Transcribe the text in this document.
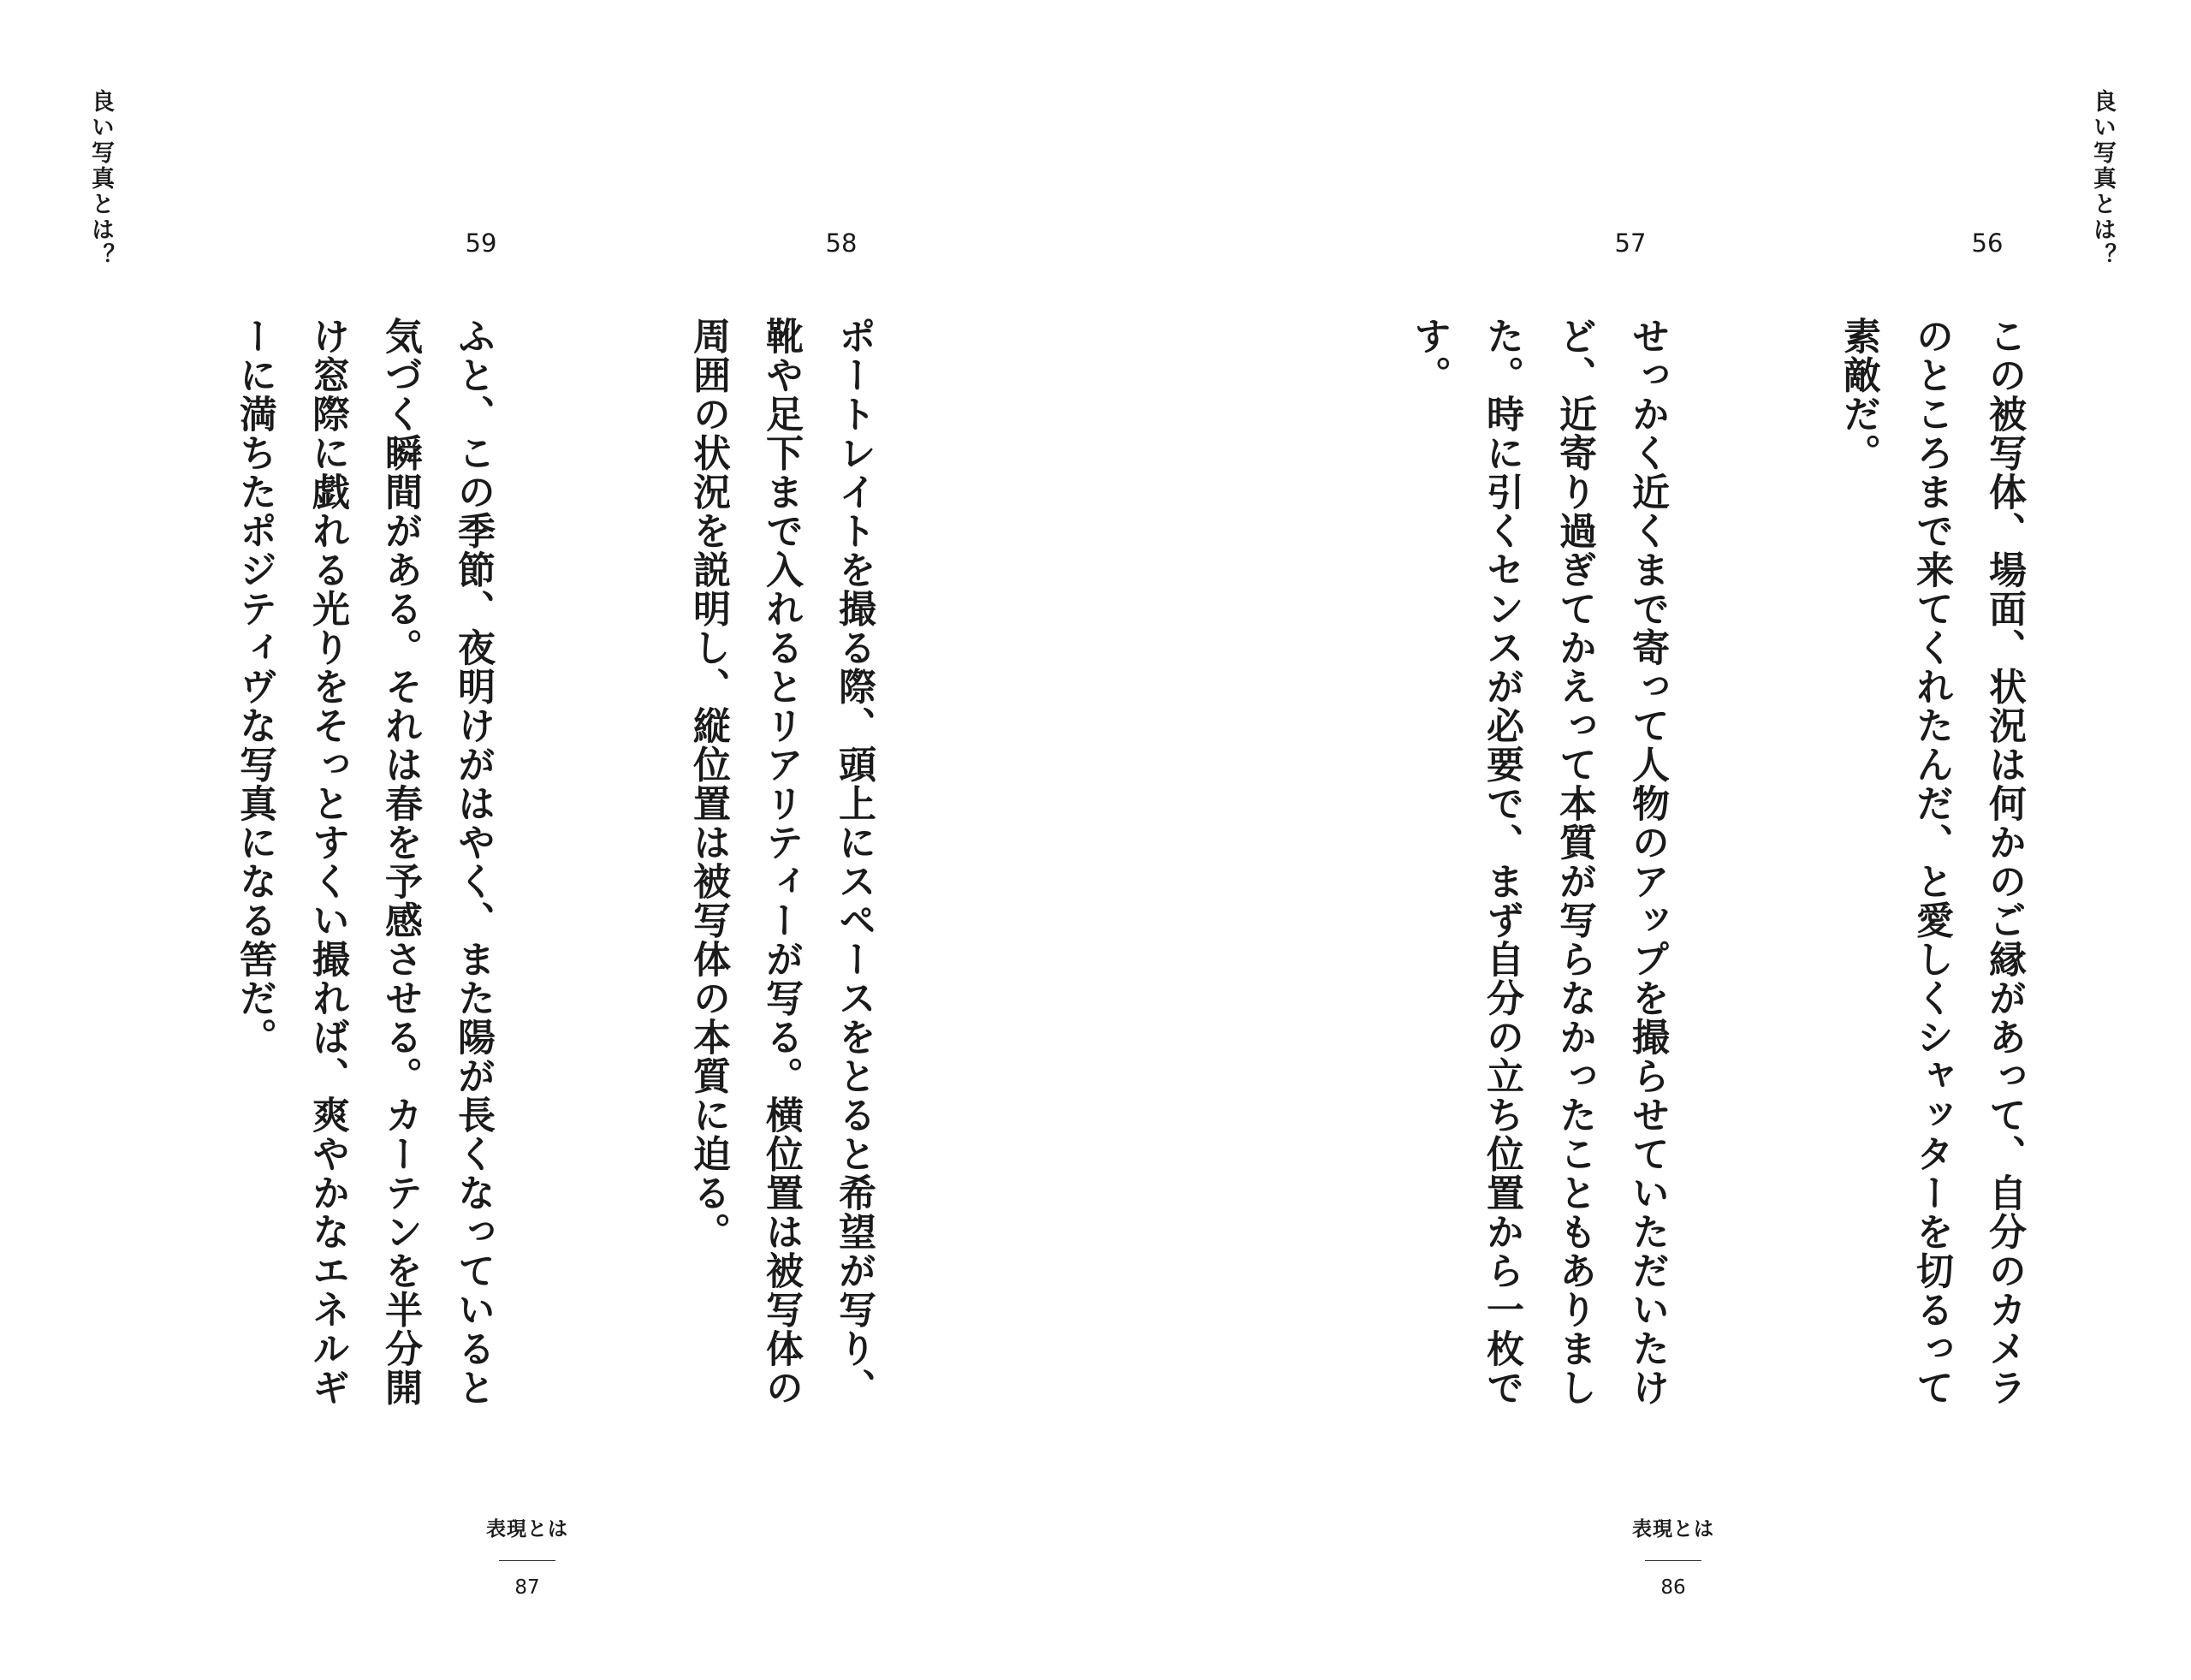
良い写真とは？	58

ポートレイトを撮る際、頭上にスペースをとると希望が写り、

靴や足下まで入れるとリアリティーが写る。横位置は被写体の

周囲の状況を説明し、縦位置は被写体の本質に迫る。

59

ふと、この季節、夜明けがはやく、また陽が長くなっていると

気づく瞬間がある。それは春を予感させる。カーテンを半分開

け窓際に戯れる光りをそっとすくい撮れば、爽やかなエネルギ

ーに満ちたポジティヴな写真になる筈だ。

表現とは
87
良い写真とは？
56

この被写体、場面、状況は何かのご縁があって、自分のカメラ

のところまで来てくれたんだ、と愛しくシャッターを切るって

素敵だ。

57

せっかく近くまで寄って人物のアップを撮らせていただいたけ

ど、近寄り過ぎてかえって本質が写らなかったこともありまし

た。時に引くセンスが必要で、まず自分の立ち位置から一枚で

す。

表現とは
86
